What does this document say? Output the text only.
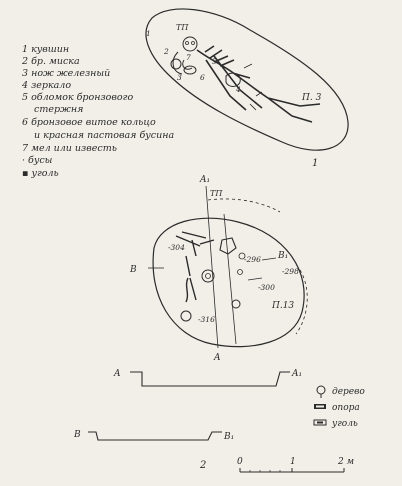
1
2
3
4
5
6
7
ТП
П. 3
1
1 кувшин
2 бр. миска
3 нож железный
4 зеркало
5 обломок бронзового
стержня
6 бронзовое витое кольцо
и красная пастовая бусина
7 мел или известь
· бусы
▪ уголь
A₁
ТП
B
B₁
A
-304
-296
-298
-300
-316
П.13
A	A₁
B	B₁
дерево
опора
уголь
2	0	1	2 м
